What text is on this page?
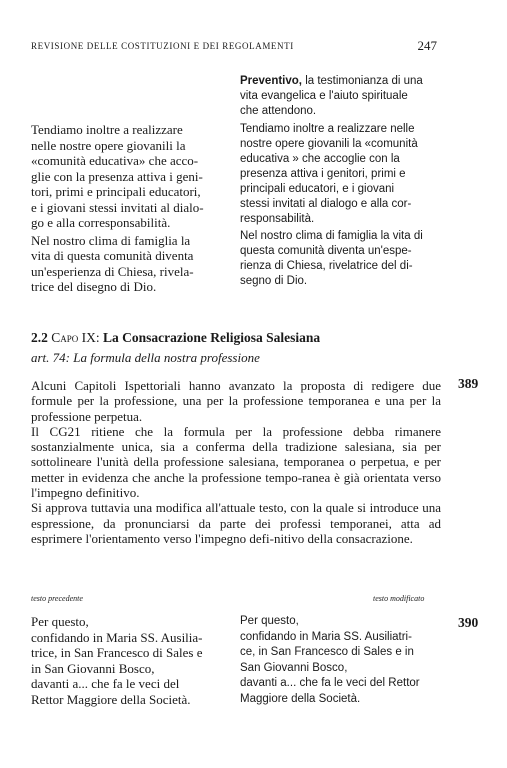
REVISIONE DELLE COSTITUZIONI E DEI REGOLAMENTI	247
Preventivo, la testimonianza di una
vita evangelica e l'aiuto spirituale
che attendono.
Tendiamo inoltre a realizzare nelle
nostre opere giovanili la «comunità
educativa » che accoglie con la
presenza attiva i genitori, primi e
principali educatori, e i giovani
stessi invitati al dialogo e alla cor-
responsabilità.
Nel nostro clima di famiglia la vita di
questa comunità diventa un'espe-
rienza di Chiesa, rivelatrice del di-
segno di Dio.
Tendiamo inoltre a realizzare
nelle nostre opere giovanili la
«comunità educativa» che acco-
glie con la presenza attiva i geni-
tori, primi e principali educatori,
e i giovani stessi invitati al dialo-
go e alla corresponsabilità.
Nel nostro clima di famiglia la
vita di questa comunità diventa
un'esperienza di Chiesa, rivela-
trice del disegno di Dio.
2.2 Capo IX: La Consacrazione Religiosa Salesiana
art. 74: La formula della nostra professione

Alcuni Capitoli Ispettoriali hanno avanzato la proposta di redigere due formule per la professione, una per la professione temporanea e una per la professione perpetua.

Il CG21 ritiene che la formula per la professione debba rimanere sostanzialmente unica, sia a conferma della tradizione salesiana, sia per sottolineare l'unità della professione salesiana, temporanea o perpetua, e per metter in evidenza che anche la professione tempo-ranea è già orientata verso l'impegno definitivo.

Si approva tuttavia una modifica all'attuale testo, con la quale si introduce una espressione, da pronunciarsi da parte dei professi temporanei, atta ad esprimere l'orientamento verso l'impegno defi-nitivo della consacrazione.

389
testo precedente	testo modificato
Per questo,
confidando in Maria SS. Ausilia-
trice, in San Francesco di Sales e
in San Giovanni Bosco,
davanti a... che fa le veci del
Rettor Maggiore della Società.
Per questo,
confidando in Maria SS. Ausiliatri-
ce, in San Francesco di Sales e in
San Giovanni Bosco,
davanti a... che fa le veci del Rettor
Maggiore della Società.
390
